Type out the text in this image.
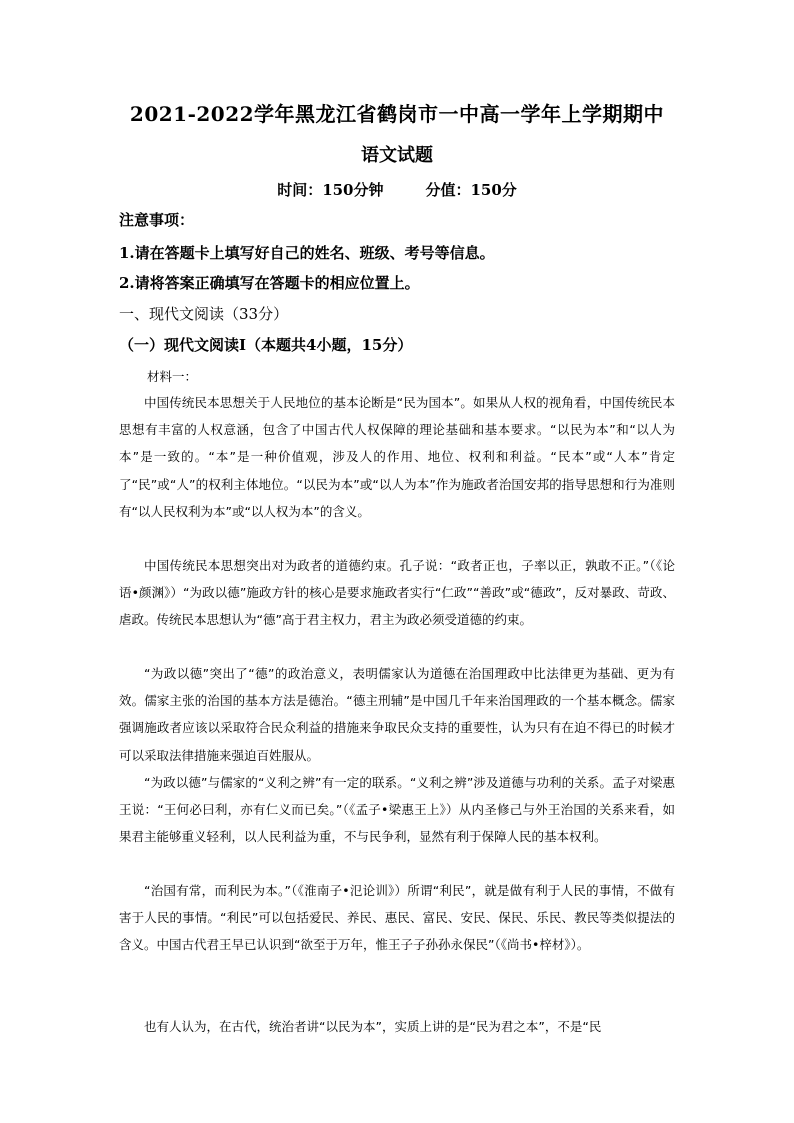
2021-2022学年黑龙江省鹤岗市一中高一学年上学期期中
语文试题
时间：150分钟	分值：150分
注意事项：
1.请在答题卡上填写好自己的姓名、班级、考号等信息。
2.请将答案正确填写在答题卡的相应位置上。
一、现代文阅读（33分）
（一）现代文阅读Ⅰ（本题共4小题，15分）
材料一：

中国传统民本思想关于人民地位的基本论断是“民为国本”。如果从人权的视角看，中国传统民本思想有丰富的人权意涵，包含了中国古代人权保障的理论基础和基本要求。“以民为本”和“以人为本”是一致的。“本”是一种价值观，涉及人的作用、地位、权利和利益。“民本”或“人本”肯定了“民”或“人”的权利主体地位。“以民为本”或“以人为本”作为施政者治国安邦的指导思想和行为准则有“以人民权利为本”或“以人权为本”的含义。

中国传统民本思想突出对为政者的道德约束。孔子说：“政者正也，子率以正，孰敢不正。”（《论语•颜渊》）“为政以德”施政方针的核心是要求施政者实行“仁政”“善政”或“德政”，反对暴政、苛政、虐政。传统民本思想认为“德”高于君主权力，君主为政必须受道德的约束。

“为政以德”突出了“德”的政治意义，表明儒家认为道德在治国理政中比法律更为基础、更为有效。儒家主张的治国的基本方法是德治。“德主刑辅”是中国几千年来治国理政的一个基本概念。儒家强调施政者应该以采取符合民众利益的措施来争取民众支持的重要性，认为只有在迫不得已的时候才可以采取法律措施来强迫百姓服从。

“为政以德”与儒家的“义利之辨”有一定的联系。“义利之辨”涉及道德与功利的关系。孟子对梁惠王说：“王何必曰利，亦有仁义而已矣。”（《孟子•梁惠王上》）从内圣修己与外王治国的关系来看，如果君主能够重义轻利，以人民利益为重，不与民争利，显然有利于保障人民的基本权利。

“治国有常，而利民为本。”（《淮南子•氾论训》）所谓“利民”，就是做有利于人民的事情，不做有害于人民的事情。“利民”可以包括爱民、养民、惠民、富民、安民、保民、乐民、教民等类似提法的含义。中国古代君王早已认识到“欲至于万年，惟王子子孙孙永保民”（《尚书•梓材》）。

也有人认为，在古代，统治者讲“以民为本”，实质上讲的是“民为君之本”，不是“民
